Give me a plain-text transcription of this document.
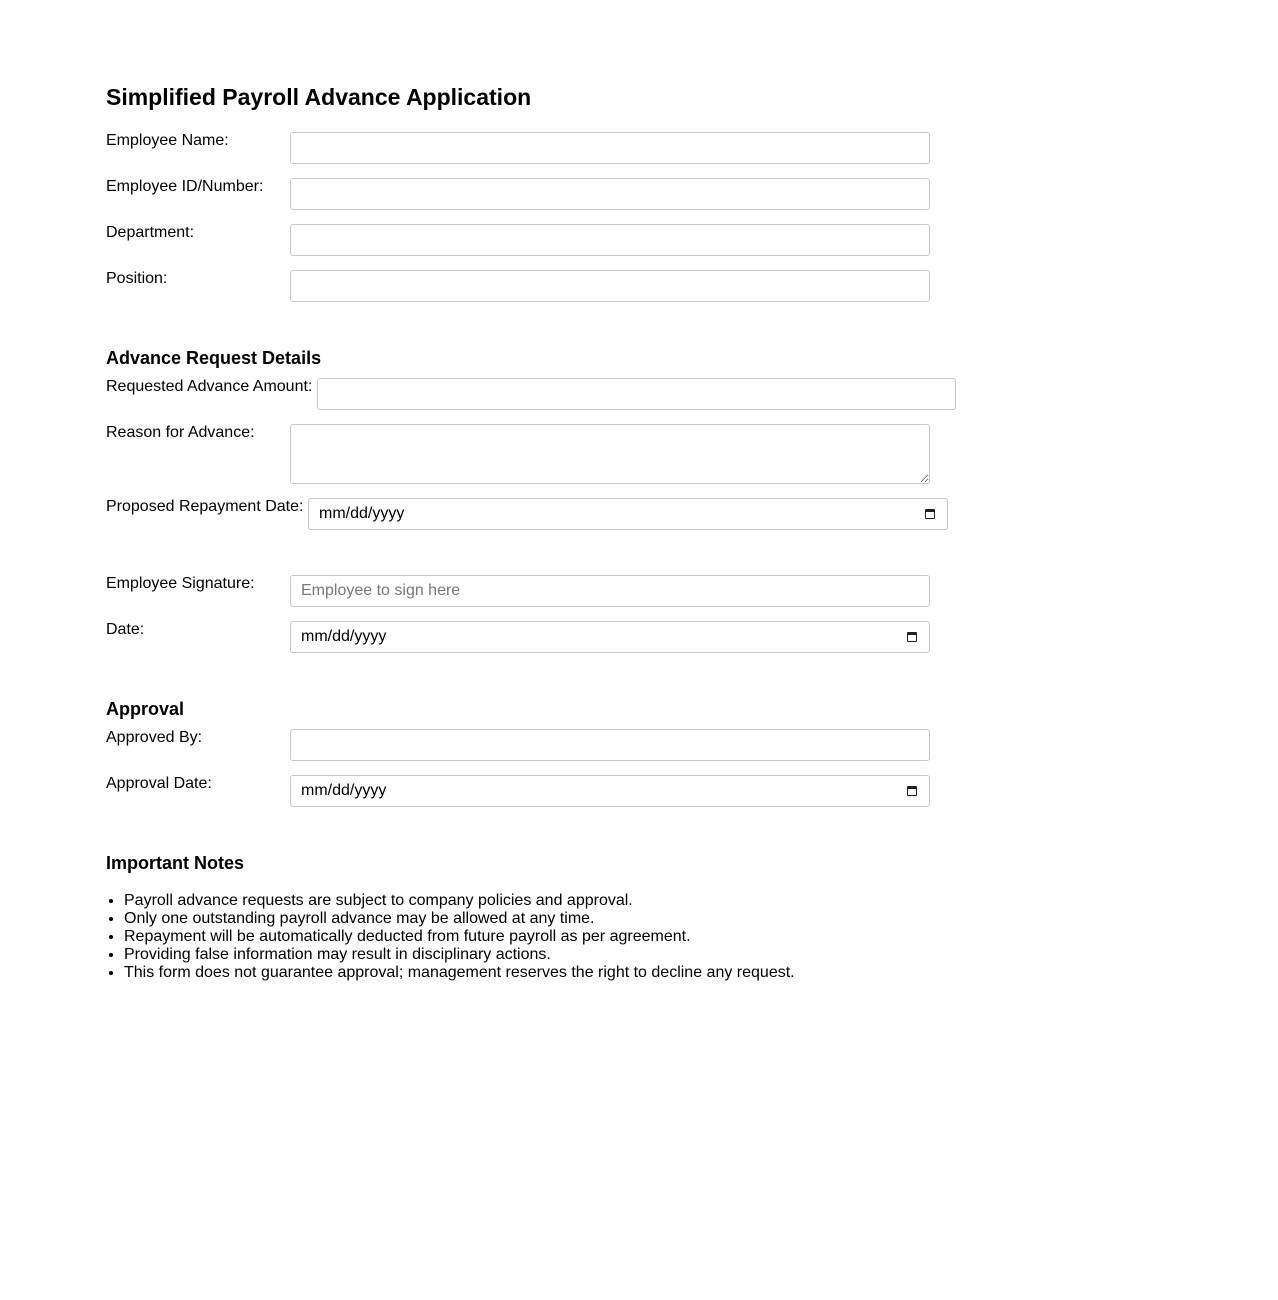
Simplified Payroll Advance Application
Employee Name:
Employee ID/Number:
Department:
Position:
Advance Request Details
Requested Advance Amount:
Reason for Advance:
Proposed Repayment Date: mm/dd/yyyy
Employee Signature:
Employee to sign here
Date:	mm/dd/yyyy
Approval
Approved By:
Approval Date:	mm/dd/yyyy
Important Notes
• Payroll advance requests are subject to company policies and approval.
• Only one outstanding payroll advance may be allowed at any time.
• Repayment will be automatically deducted from future payroll as per agreement.
• Providing false information may result in disciplinary actions.
• This form does not guarantee approval; management reserves the right to decline any request.
